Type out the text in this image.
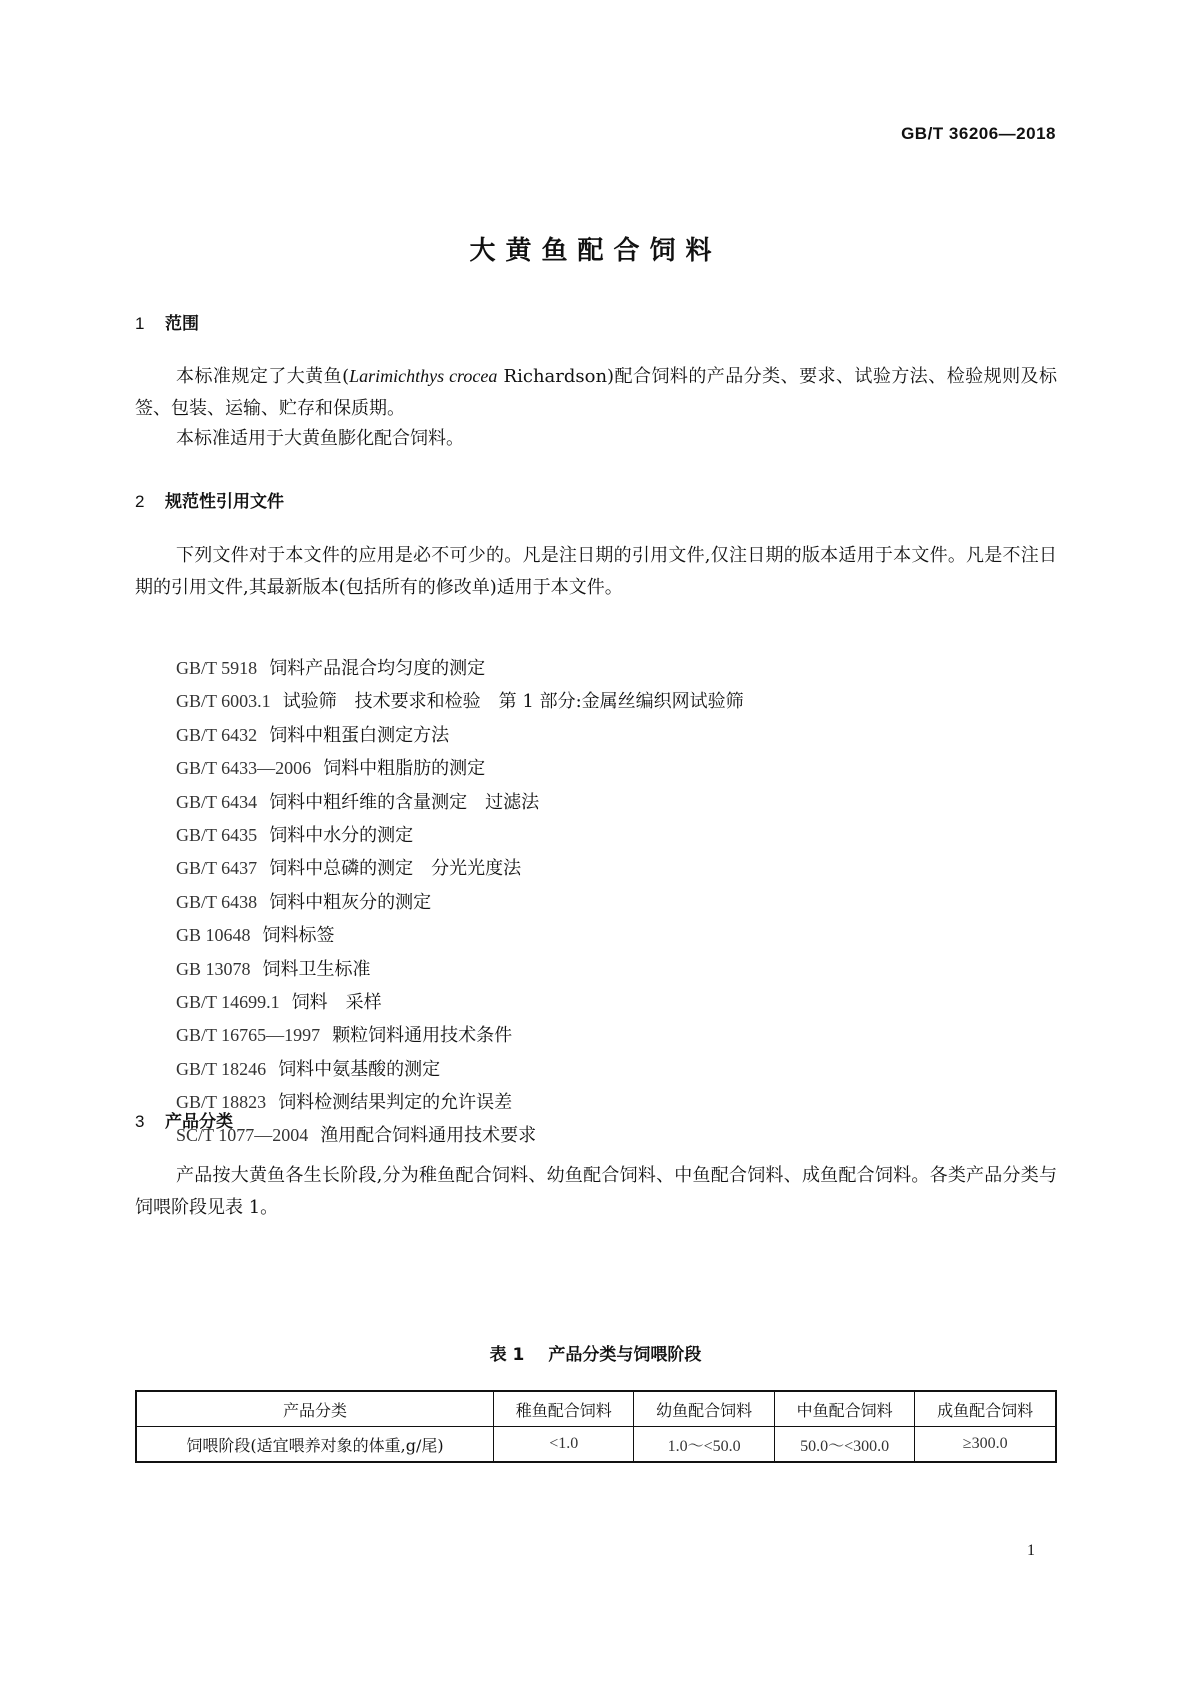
GB/T 36206—2018
大黄鱼配合饲料
1 范围

本标准规定了大黄鱼(Larimichthys crocea Richardson)配合饲料的产品分类、要求、试验方法、检验规则及标签、包装、运输、贮存和保质期。

本标准适用于大黄鱼膨化配合饲料。

2 规范性引用文件

下列文件对于本文件的应用是必不可少的。凡是注日期的引用文件,仅注日期的版本适用于本文件。凡是不注日期的引用文件,其最新版本(包括所有的修改单)适用于本文件。

GB/T 5918 饲料产品混合均匀度的测定
GB/T 6003.1 试验筛　技术要求和检验　第 1 部分:金属丝编织网试验筛
GB/T 6432 饲料中粗蛋白测定方法
GB/T 6433—2006 饲料中粗脂肪的测定
GB/T 6434 饲料中粗纤维的含量测定　过滤法
GB/T 6435 饲料中水分的测定
GB/T 6437 饲料中总磷的测定　分光光度法
GB/T 6438 饲料中粗灰分的测定
GB 10648 饲料标签
GB 13078 饲料卫生标准
GB/T 14699.1 饲料　采样
GB/T 16765—1997 颗粒饲料通用技术条件
GB/T 18246 饲料中氨基酸的测定
GB/T 18823 饲料检测结果判定的允许误差
SC/T 1077—2004 渔用配合饲料通用技术要求
3 产品分类

产品按大黄鱼各生长阶段,分为稚鱼配合饲料、幼鱼配合饲料、中鱼配合饲料、成鱼配合饲料。各类产品分类与饲喂阶段见表 1。

表 1 产品分类与饲喂阶段
产品分类	稚鱼配合饲料	幼鱼配合饲料	中鱼配合饲料	成鱼配合饲料
饲喂阶段(适宜喂养对象的体重,g/尾)	<1.0	1.0～<50.0	50.0～<300.0	≥300.0
1
